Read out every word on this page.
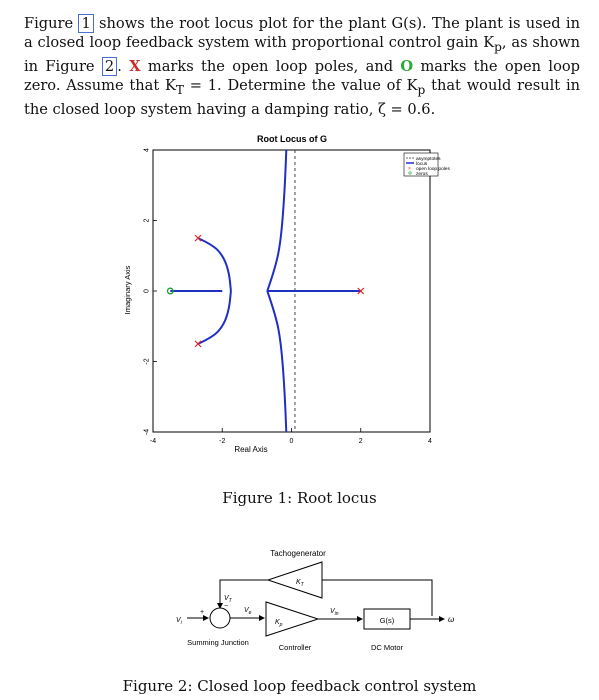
Figure 1 shows the root locus plot for the plant G(s). The plant is used in a closed loop feedback system with proportional control gain $K_p$, as shown in Figure 2 . X marks the open loop poles, and O marks the open loop zero. Assume that $K_T = 1$. Determine the value of $K_p$ that would result in the closed loop system having a damping ratio, ζ = 0.6.
Root Locus of G
Real Axis
Imaginary Axis
-4	-2	0	2	4
4
2
0
-2
-4
asymptotes
locus
× open loop poles
zeros
Figure 1: Root locus
Tachogenerator
$K_T$
$V_T$
$V_i$
+
−
Summing Junction
$V_e$
$K_p$
Controller
$V_{in}$
G(s)
DC Motor
ω
Figure 2: Closed loop feedback control system
